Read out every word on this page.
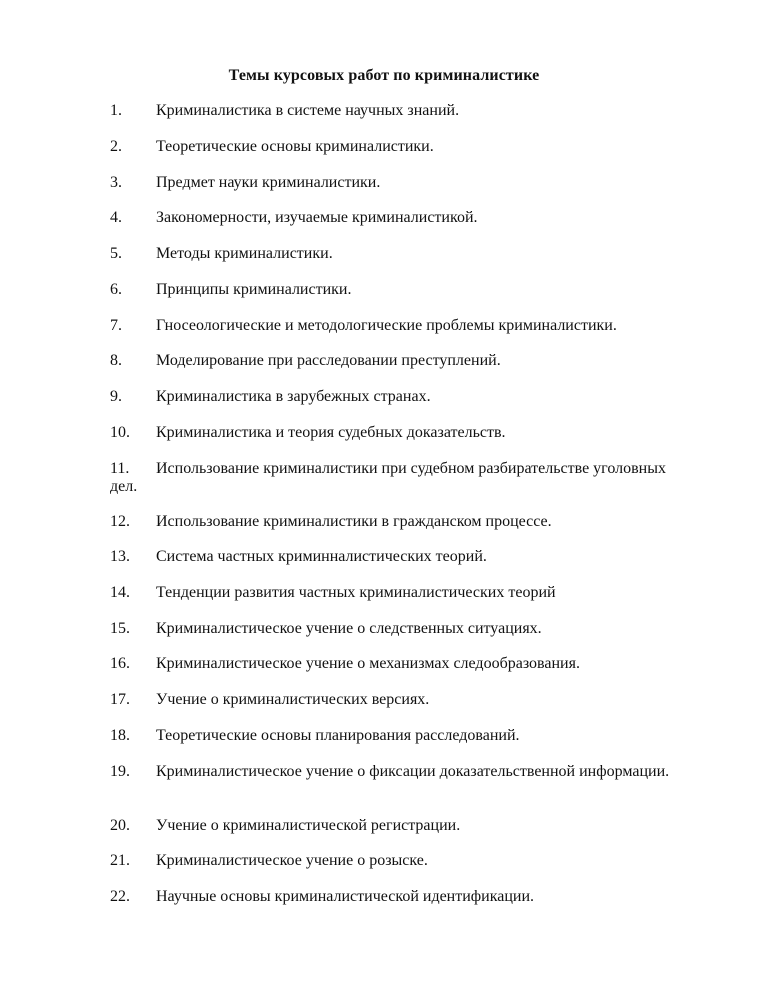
Темы курсовых работ по криминалистике
1.	Криминалистика в системе научных знаний.
2.	Теоретические основы криминалистики.
3.	Предмет науки криминалистики.
4.	Закономерности, изучаемые криминалистикой.
5.	Методы криминалистики.
6.	Принципы криминалистики.
7.	Гносеологические и методологические проблемы криминалистики.
8.	Моделирование при расследовании преступлений.
9.	Криминалистика в зарубежных странах.
10.	Криминалистика и теория судебных доказательств.
11. Использование криминалистики при судебном разбирательстве уголовных дел.
12.	Использование криминалистики в гражданском процессе.
13.	Система частных криминналистических теорий.
14.	Тенденции развития частных криминалистических теорий
15.	Криминалистическое учение о следственных ситуациях.
16.	Криминалистическое учение о механизмах следообразования.
17.	Учение о криминалистических версиях.
18.	Теоретические основы планирования расследований.
19. Криминалистическое учение о фиксации доказательственной информации.
20.	Учение о криминалистической регистрации.
21.	Криминалистическое учение о розыске.
22.	Научные основы криминалистической идентификации.
